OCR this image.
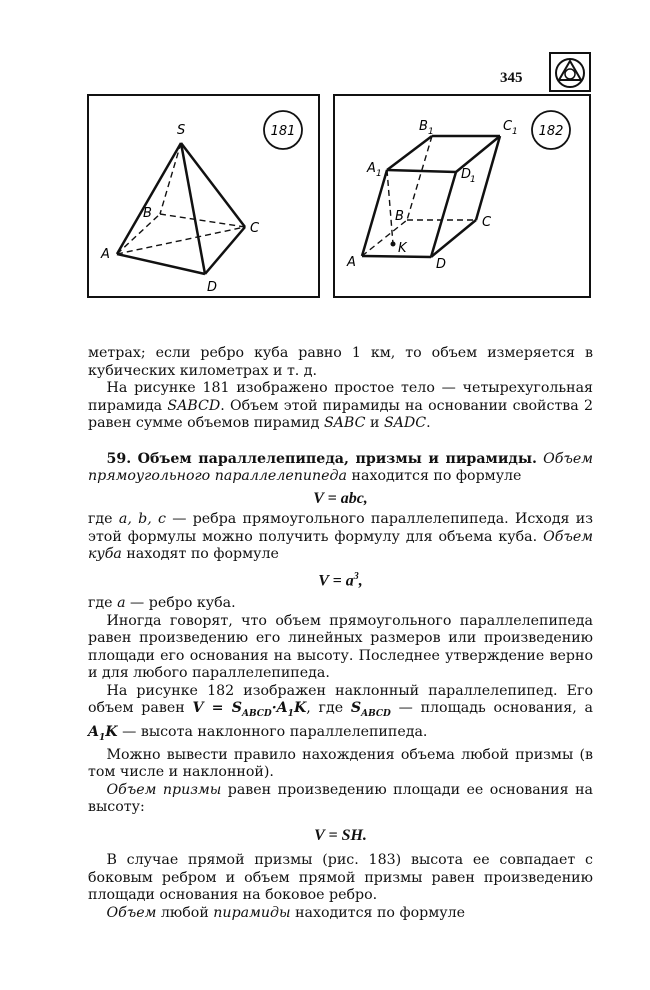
345
181
S
B
C
A
D
182
B 1	C 1
A 1	D
1
B	C
A
K
D

метрах; если ребро куба равно 1 км, то объем измеряется в кубических километрах и т. д.

На рисунке 181 изображено простое тело — четырехугольная пирамида SABCD. Объем этой пирамиды на основании свойства 2 равен сумме объемов пирамид SABC и SADC.

59. Объем параллелепипеда, призмы и пирамиды. Объем прямоугольного параллелепипеда находится по формуле

V = abc,

где a, b, c — ребра прямоугольного параллелепипеда. Исходя из этой формулы можно получить формулу для объема куба. Объем куба находят по формуле

$V = a^3$,

где a — ребро куба.

Иногда говорят, что объем прямоугольного параллелепипеда равен произведению его линейных размеров или произведению площади его основания на высоту. Последнее утверждение верно и для любого параллелепипеда.

На рисунке 182 изображен наклонный параллелепипед. Его объем равен $V = S_{ABCD}\cdot A_1K$, где $S_{ABCD}$ — площадь основания, а $A_1K$ — высота наклонного параллелепипеда.

Можно вывести правило нахождения объема любой призмы (в том числе и наклонной).

Объем призмы равен произведению площади ее основания на высоту:

V = SH.

В случае прямой призмы (рис. 183) высота ее совпадает с боковым ребром и объем прямой призмы равен произведению площади основания на боковое ребро.

Объем любой пирамиды находится по формуле
